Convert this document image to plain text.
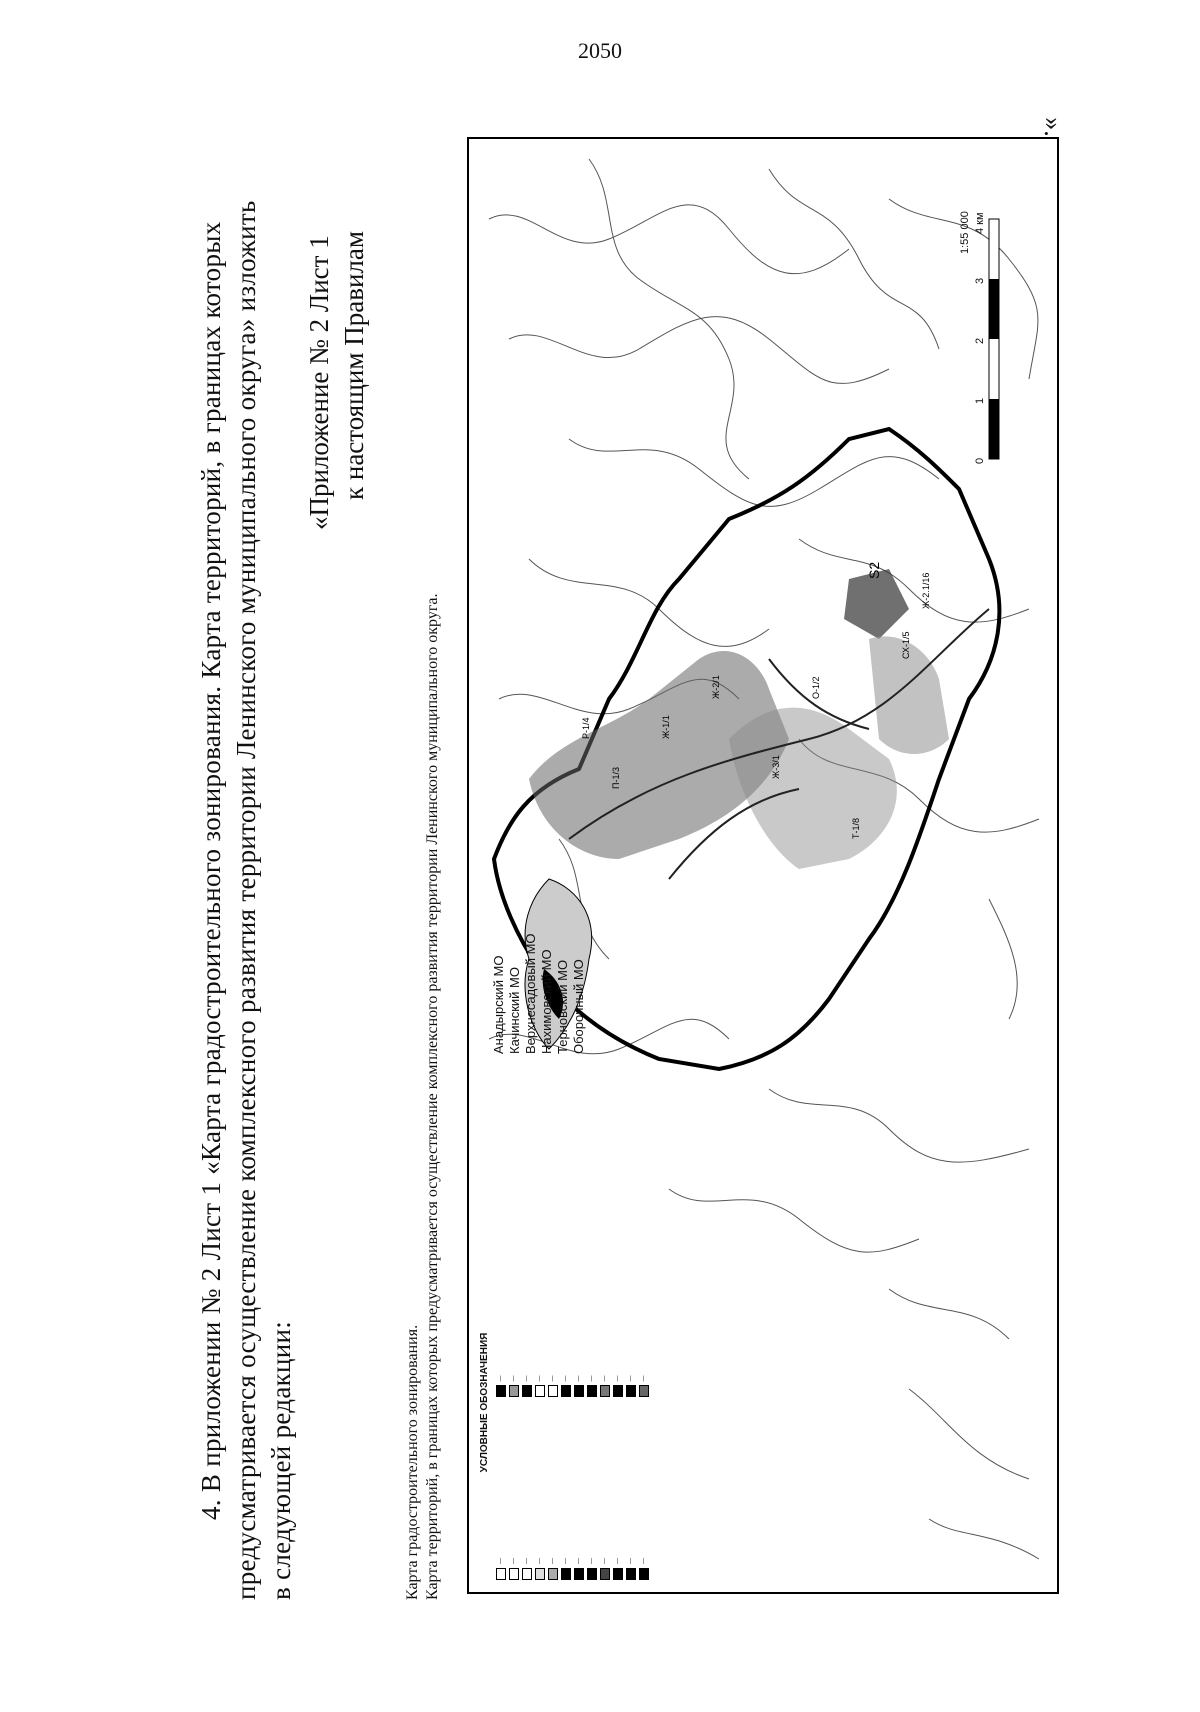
2050
4. В приложении № 2 Лист 1 «Карта градостроительного зонирования. Карта территорий, в границах которых предусматривается осуществление комплексного развития территории Ленинского муниципального округа» изложить в следующей редакции:
«Приложение № 2 Лист 1 к настоящим Правилам
Карта градостроительного зонирования. Карта территорий, в границах которых предусматривается осуществление комплексного развития территории Ленинского муниципального округа.
».
Ж-1/1
Ж-2/1
Ж-3/1
О-1/2
П-1/3
Р-1/4
СХ-1/5
Ж-2.1/16
Т-1/8
S2
1:55 000
0
1
2
3
4 км
Анадырский МО Качинский МО Верхнесадовый МО Нахимовский МО Терновский МО Оборонный МО
УСЛОВНЫЕ ОБОЗНАЧЕНИЯ
—	—	—	—	—	—	—	—	—	—	—	—
—	—	—	—	—	—	—	—	—	—	—	—
